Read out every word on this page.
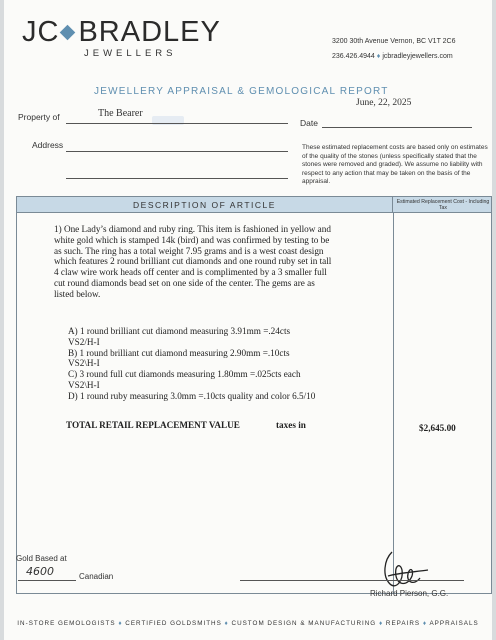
JC BRADLEY
JEWELLERS
3200 30th Avenue Vernon, BC V1T 2C6
236.426.4944 ♦ jcbradleyjewellers.com
JEWELLERY APPRAISAL & GEMOLOGICAL REPORT
June, 22, 2025
Property of	The Bearer
Date
Address	These estimated replacement costs are based only on estimates of the quality of the stones (unless specifically stated that the stones were removed and graded). We assume no liability with respect to any action that may be taken on the basis of the appraisal.
DESCRIPTION OF ARTICLE	Estimated Replacement Cost - Including Tax
1) One Lady’s diamond and ruby ring. This item is fashioned in yellow and white gold which is stamped 14k (bird) and was confirmed by testing to be as such. The ring has a total weight 7.95 grams and is a west coast design which features 2 round brilliant cut diamonds and one round ruby set in tall 4 claw wire work heads off center and is complimented by a 3 smaller full cut round diamonds bead set on one side of the center. The gems are as listed below.
A) 1 round brilliant cut diamond measuring 3.91mm =.24cts
VS2/H-I
B) 1 round brilliant cut diamond measuring 2.90mm =.10cts
VS2\H-I
C) 3 round full cut diamonds measuring 1.80mm =.025cts each
VS2\H-I
D) 1 round ruby measuring 3.0mm =.10cts quality and color 6.5/10
TOTAL RETAIL REPLACEMENT VALUE	taxes in	$2,645.00
Gold Based at
4600	Canadian
Richard Pierson, G.G.
IN-STORE GEMOLOGISTS ♦ CERTIFIED GOLDSMITHS ♦ CUSTOM DESIGN & MANUFACTURING ♦ REPAIRS ♦ APPRAISALS
